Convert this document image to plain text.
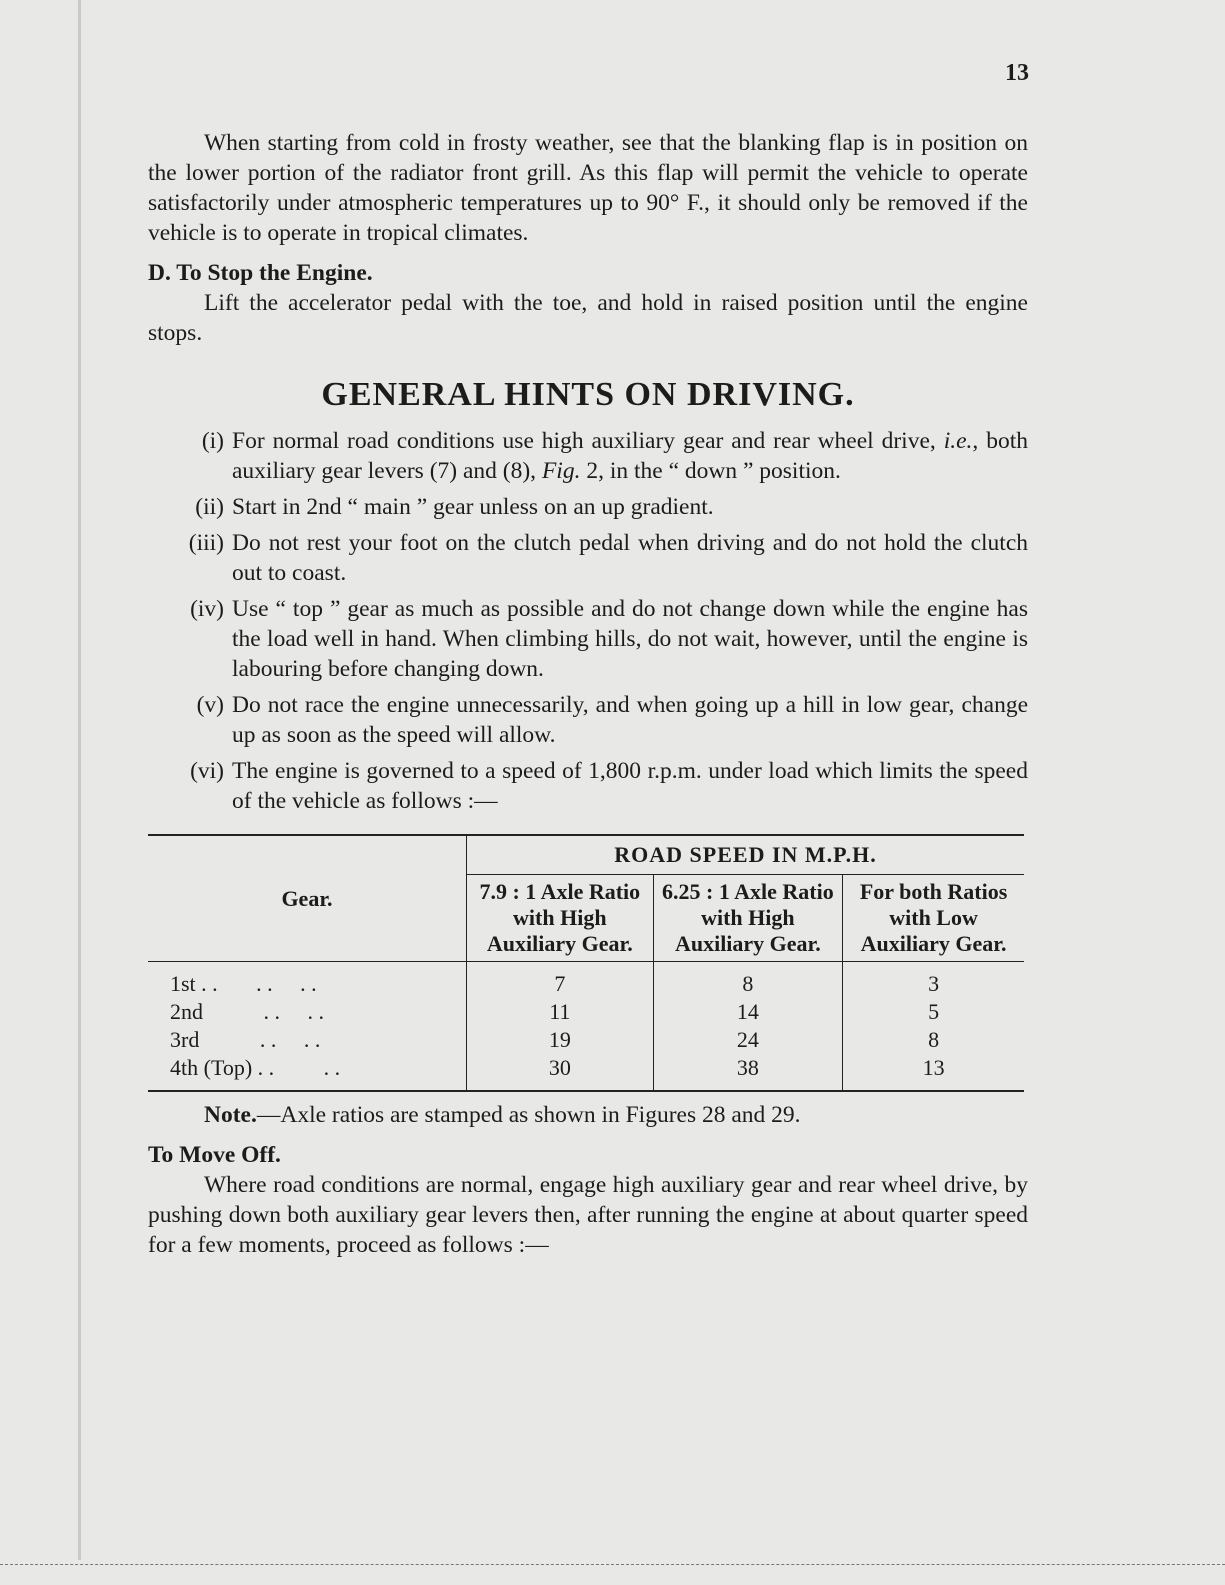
13

When starting from cold in frosty weather, see that the blanking flap is in position on the lower portion of the radiator front grill. As this flap will permit the vehicle to operate satisfactorily under atmospheric temperatures up to 90° F., it should only be removed if the vehicle is to operate in tropical climates.

D. To Stop the Engine.

Lift the accelerator pedal with the toe, and hold in raised position until the engine stops.

GENERAL HINTS ON DRIVING.
(i) For normal road conditions use high auxiliary gear and rear wheel drive, i.e., both auxiliary gear levers (7) and (8), Fig. 2, in the “ down ” position.
(ii) Start in 2nd “ main ” gear unless on an up gradient.
(iii) Do not rest your foot on the clutch pedal when driving and do not hold the clutch out to coast.
(iv) Use “ top ” gear as much as possible and do not change down while the engine has the load well in hand. When climbing hills, do not wait, however, until the engine is labouring before changing down.
(v) Do not race the engine unnecessarily, and when going up a hill in low gear, change up as soon as the speed will allow.
(vi) The engine is governed to a speed of 1,800 r.p.m. under load which limits the speed of the vehicle as follows :—
Gear.	ROAD SPEED IN M.P.H.		
	7.9 : 1 Axle Ratio with High Auxiliary Gear.	6.25 : 1 Axle Ratio with High Auxiliary Gear.	For both Ratios with Low Auxiliary Gear.
1st . .       . .     . .	7	8	3
2nd           . .     . .	11	14	5
3rd           . .     . .	19	24	8
4th (Top) . .         . .	30	38	13

Note.—Axle ratios are stamped as shown in Figures 28 and 29.

To Move Off.

Where road conditions are normal, engage high auxiliary gear and rear wheel drive, by pushing down both auxiliary gear levers then, after running the engine at about quarter speed for a few moments, proceed as follows :—
